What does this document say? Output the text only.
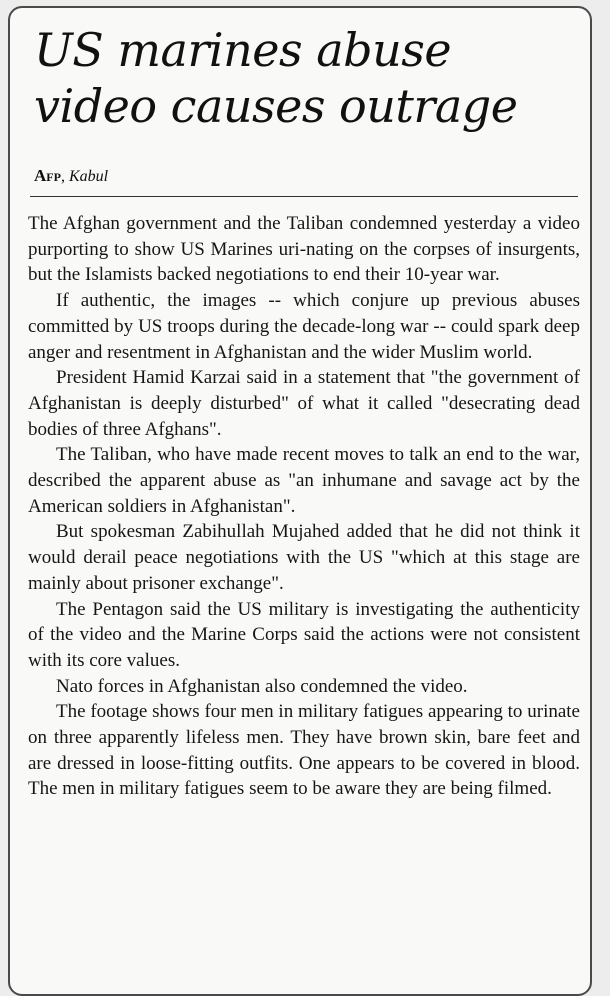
US marines abuse
video causes outrage
Afp, Kabul

The Afghan government and the Taliban condemned yesterday a video purporting to show US Marines uri-nating on the corpses of insurgents, but the Islamists backed negotiations to end their 10-year war.

If authentic, the images -- which conjure up previous abuses committed by US troops during the decade-long war -- could spark deep anger and resentment in Afghanistan and the wider Muslim world.

President Hamid Karzai said in a statement that "the government of Afghanistan is deeply disturbed" of what it called "desecrating dead bodies of three Afghans".

The Taliban, who have made recent moves to talk an end to the war, described the apparent abuse as "an inhumane and savage act by the American soldiers in Afghanistan".

But spokesman Zabihullah Mujahed added that he did not think it would derail peace negotiations with the US "which at this stage are mainly about prisoner exchange".

The Pentagon said the US military is investigating the authenticity of the video and the Marine Corps said the actions were not consistent with its core values.

Nato forces in Afghanistan also condemned the video.

The footage shows four men in military fatigues appearing to urinate on three apparently lifeless men. They have brown skin, bare feet and are dressed in loose-fitting outfits. One appears to be covered in blood. The men in military fatigues seem to be aware they are being filmed.
